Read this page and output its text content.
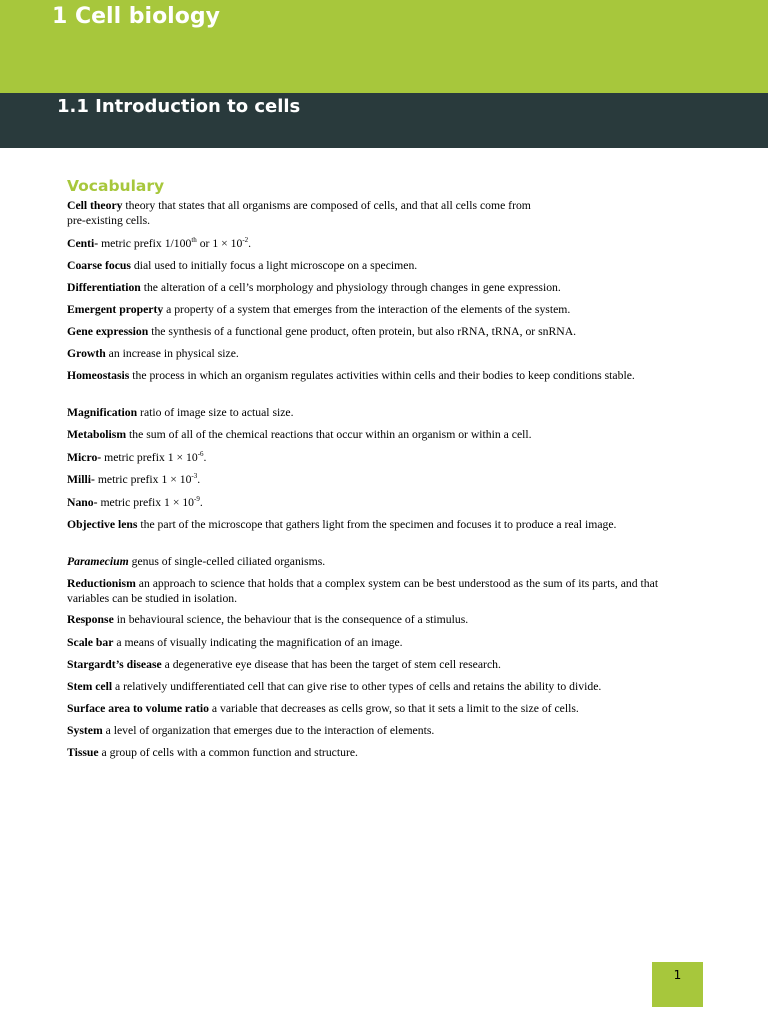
1 Cell biology
1.1 Introduction to cells
Vocabulary
Cell theory theory that states that all organisms are composed of cells, and that all cells come from
pre-existing cells.
Centi- metric prefix 1/100th or $1 \times 10^{-2}$.
Coarse focus dial used to initially focus a light microscope on a specimen.
Differentiation the alteration of a cell’s morphology and physiology through changes in gene expression.
Emergent property a property of a system that emerges from the interaction of the elements of the system.
Gene expression the synthesis of a functional gene product, often protein, but also rRNA, tRNA, or snRNA.
Growth an increase in physical size.
Homeostasis the process in which an organism regulates activities within cells and their bodies to keep conditions stable.
Magnification ratio of image size to actual size.
Metabolism the sum of all of the chemical reactions that occur within an organism or within a cell.
Micro- metric prefix $1 \times 10^{-6}$.
Milli- metric prefix $1 \times 10^{-3}$.
Nano- metric prefix $1 \times 10^{-9}$.
Objective lens the part of the microscope that gathers light from the specimen and focuses it to produce a real image.
Paramecium genus of single-celled ciliated organisms.
Reductionism an approach to science that holds that a complex system can be best understood as the sum of its parts, and that variables can be studied in isolation.
Response in behavioural science, the behaviour that is the consequence of a stimulus.
Scale bar a means of visually indicating the magnification of an image.
Stargardt’s disease a degenerative eye disease that has been the target of stem cell research.
Stem cell a relatively undifferentiated cell that can give rise to other types of cells and retains the ability to divide.
Surface area to volume ratio a variable that decreases as cells grow, so that it sets a limit to the size of cells.
System a level of organization that emerges due to the interaction of elements.
Tissue a group of cells with a common function and structure.
1
